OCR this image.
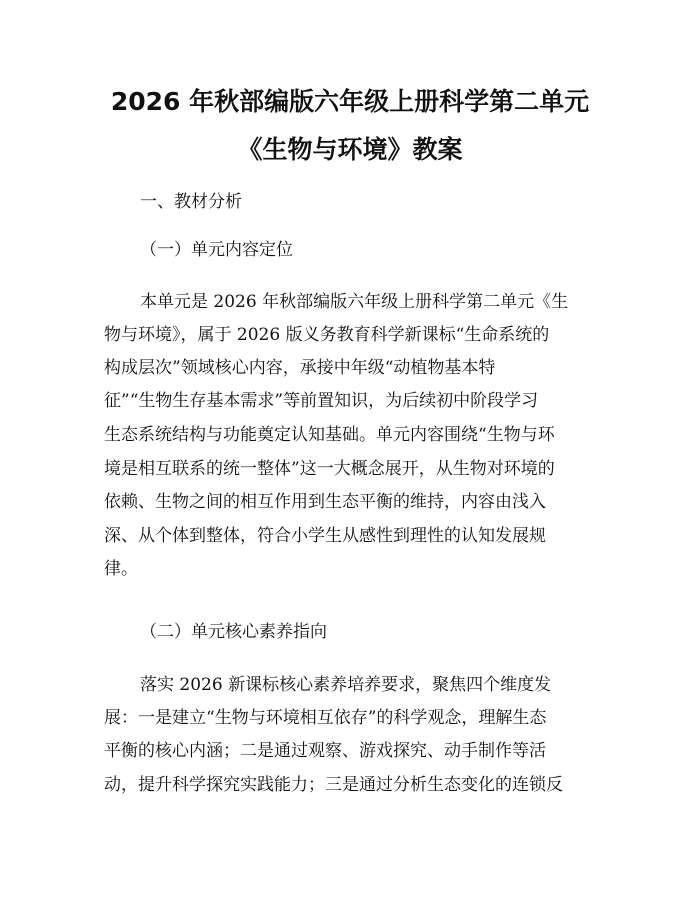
2026 年秋部编版六年级上册科学第二单元
《生物与环境》教案
一、教材分析
（一）单元内容定位
本单元是 2026 年秋部编版六年级上册科学第二单元《生
物与环境》，属于 2026 版义务教育科学新课标“生命系统的
构成层次”领域核心内容，承接中年级“动植物基本特
征”“生物生存基本需求”等前置知识，为后续初中阶段学习
生态系统结构与功能奠定认知基础。单元内容围绕“生物与环
境是相互联系的统一整体”这一大概念展开，从生物对环境的
依赖、生物之间的相互作用到生态平衡的维持，内容由浅入
深、从个体到整体，符合小学生从感性到理性的认知发展规
律。
（二）单元核心素养指向
落实 2026 新课标核心素养培养要求，聚焦四个维度发
展：一是建立“生物与环境相互依存”的科学观念，理解生态
平衡的核心内涵；二是通过观察、游戏探究、动手制作等活
动，提升科学探究实践能力；三是通过分析生态变化的连锁反
